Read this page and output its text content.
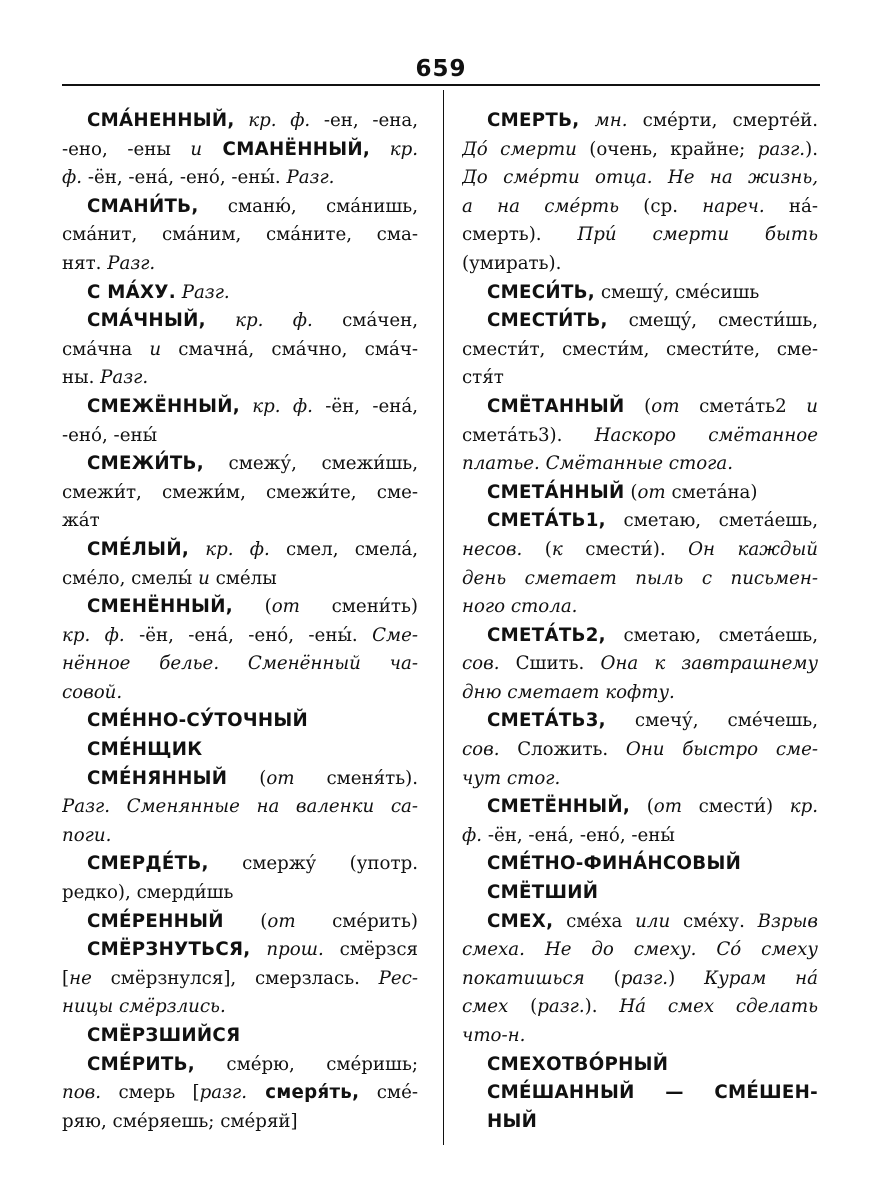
659
СМА́НЕННЫЙ, кр. ф. -ен, -ена,
-ено, -ены и СМАНЁННЫЙ, кр.
ф. -ён, -ена́, -ено́, -ены́. Разг.
СМАНИ́ТЬ, сманю́, сма́нишь,
сма́нит, сма́ним, сма́ните, сма-
нят. Разг.
С МА́ХУ. Разг.
СМА́ЧНЫЙ, кр. ф. сма́чен,
сма́чна и смачна́, сма́чно, сма́ч-
ны. Разг.
СМЕЖЁННЫЙ, кр. ф. -ён, -ена́,
-ено́, -ены́
СМЕЖИ́ТЬ, смежу́, смежи́шь,
смежи́т, смежи́м, смежи́те, сме-
жа́т
СМЕ́ЛЫЙ, кр. ф. смел, смела́,
сме́ло, смелы́ и сме́лы
СМЕНЁННЫЙ, (от смени́ть)
кр. ф. -ён, -ена́, -ено́, -ены́. Сме-
нённое белье. Сменённый ча-
совой.
СМЕ́ННО-СУ́ТОЧНЫЙ
СМЕ́НЩИК
СМЕ́НЯННЫЙ (от сменя́ть).
Разг. Сменянные на валенки са-
поги.
СМЕРДЕ́ТЬ, смержу́ (употр.
редко), смерди́шь
СМЕ́РЕННЫЙ (от сме́рить)
СМЁРЗНУТЬСЯ, прош. смёрзся
[не смёрзнулся], смерзлась. Рес-
ницы смёрзлись.
СМЁРЗШИЙСЯ
СМЕ́РИТЬ, сме́рю, сме́ришь;
пов. смерь [разг. смеря́ть, сме́-
ряю, сме́ряешь; сме́ряй]
СМЕРТЬ, мн. сме́рти, смерте́й.
До́ смерти (очень, крайне; разг.).
До сме́рти отца. Не на жизнь,
а на сме́рть (ср. нареч. на́-
смерть). При́ смерти быть
(умирать).
СМЕСИ́ТЬ, смешу́, сме́сишь
СМЕСТИ́ТЬ, смещу́, смести́шь,
смести́т, смести́м, смести́те, сме-
стя́т
СМЁТАННЫЙ (от смета́ть2 и
смета́ть3). Наскоро смётанное
платье. Смётанные стога.
СМЕТА́ННЫЙ (от смета́на)
СМЕТА́ТЬ1, сметаю, смета́ешь,
несов. (к смести́). Он каждый
день сметает пыль с письмен-
ного стола.
СМЕТА́ТЬ2, сметаю, смета́ешь,
сов. Сшить. Она к завтрашнему
дню сметает кофту.
СМЕТА́ТЬ3, смечу́, сме́чешь,
сов. Сложить. Они быстро сме-
чут стог.
СМЕТЁННЫЙ, (от смести́) кр.
ф. -ён, -ена́, -ено́, -ены́
СМЕ́ТНО-ФИНА́НСОВЫЙ
СМЁТШИЙ
СМЕХ, сме́ха или сме́ху. Взрыв
смеха. Не до смеху. Со́ смеху
покатишься (разг.) Курам на́
смех (разг.). На́ смех сделать
что-н.
СМЕХОТВО́РНЫЙ
СМЕ́ШАННЫЙ — СМЕ́ШЕН-
НЫЙ
